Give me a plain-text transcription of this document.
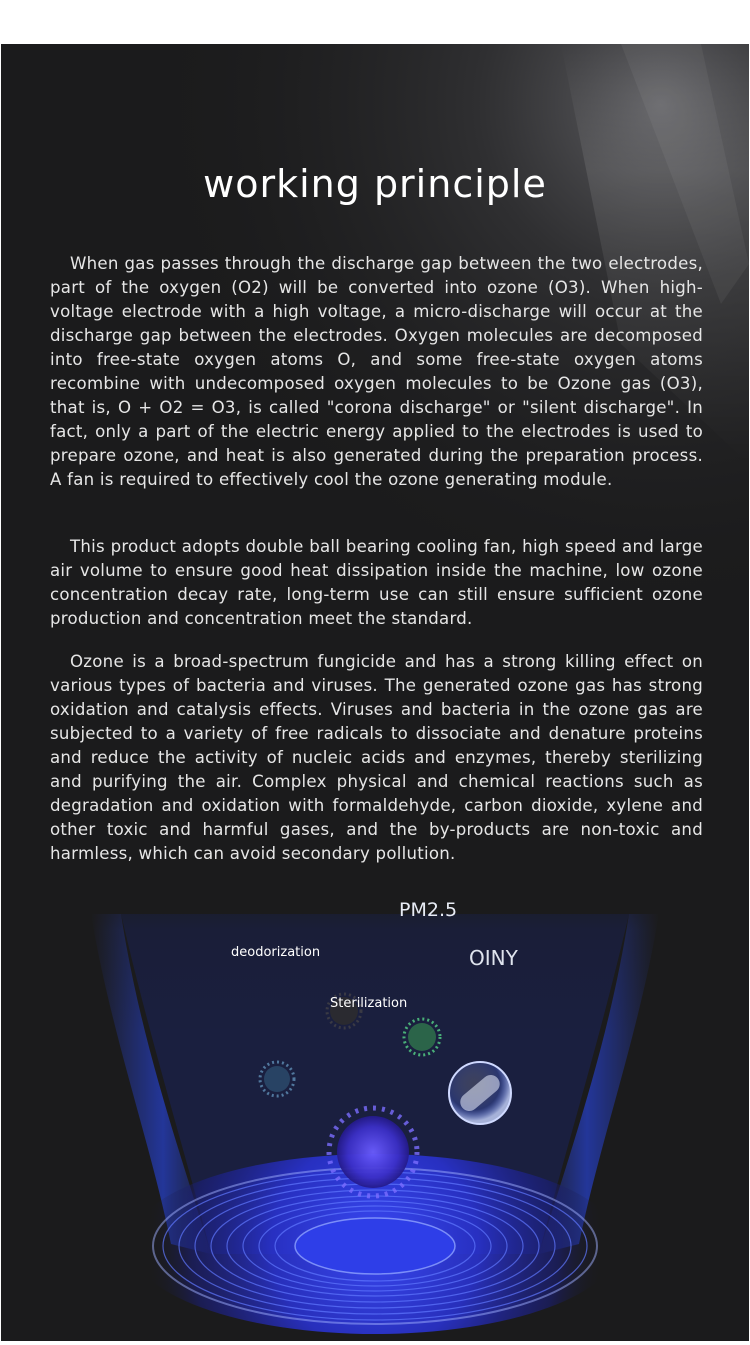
working principle

When gas passes through the discharge gap between the two electrodes, part of the oxygen (O2) will be converted into ozone (O3). When high-voltage electrode with a high voltage, a micro-discharge will occur at the discharge gap between the electrodes. Oxygen molecules are decomposed into free-state oxygen atoms O, and some free-state oxygen atoms recombine with undecomposed oxygen molecules to be Ozone gas (O3), that is, O + O2 = O3, is called "corona discharge" or "silent discharge". In fact, only a part of the electric energy applied to the electrodes is used to prepare ozone, and heat is also generated during the preparation process. A fan is required to effectively cool the ozone generating module.

This product adopts double ball bearing cooling fan, high speed and large air volume to ensure good heat dissipation inside the machine, low ozone concentration decay rate, long-term use can still ensure sufficient ozone production and concentration meet the standard.

Ozone is a broad-spectrum fungicide and has a strong killing effect on various types of bacteria and viruses. The generated ozone gas has strong oxidation and catalysis effects. Viruses and bacteria in the ozone gas are subjected to a variety of free radicals to dissociate and denature proteins and reduce the activity of nucleic acids and enzymes, thereby sterilizing and purifying the air. Complex physical and chemical reactions such as degradation and oxidation with formaldehyde, carbon dioxide, xylene and other toxic and harmful gases, and the by-products are non-toxic and harmless, which can avoid secondary pollution.

deodorization
PM2.5
OINY
Sterilization
